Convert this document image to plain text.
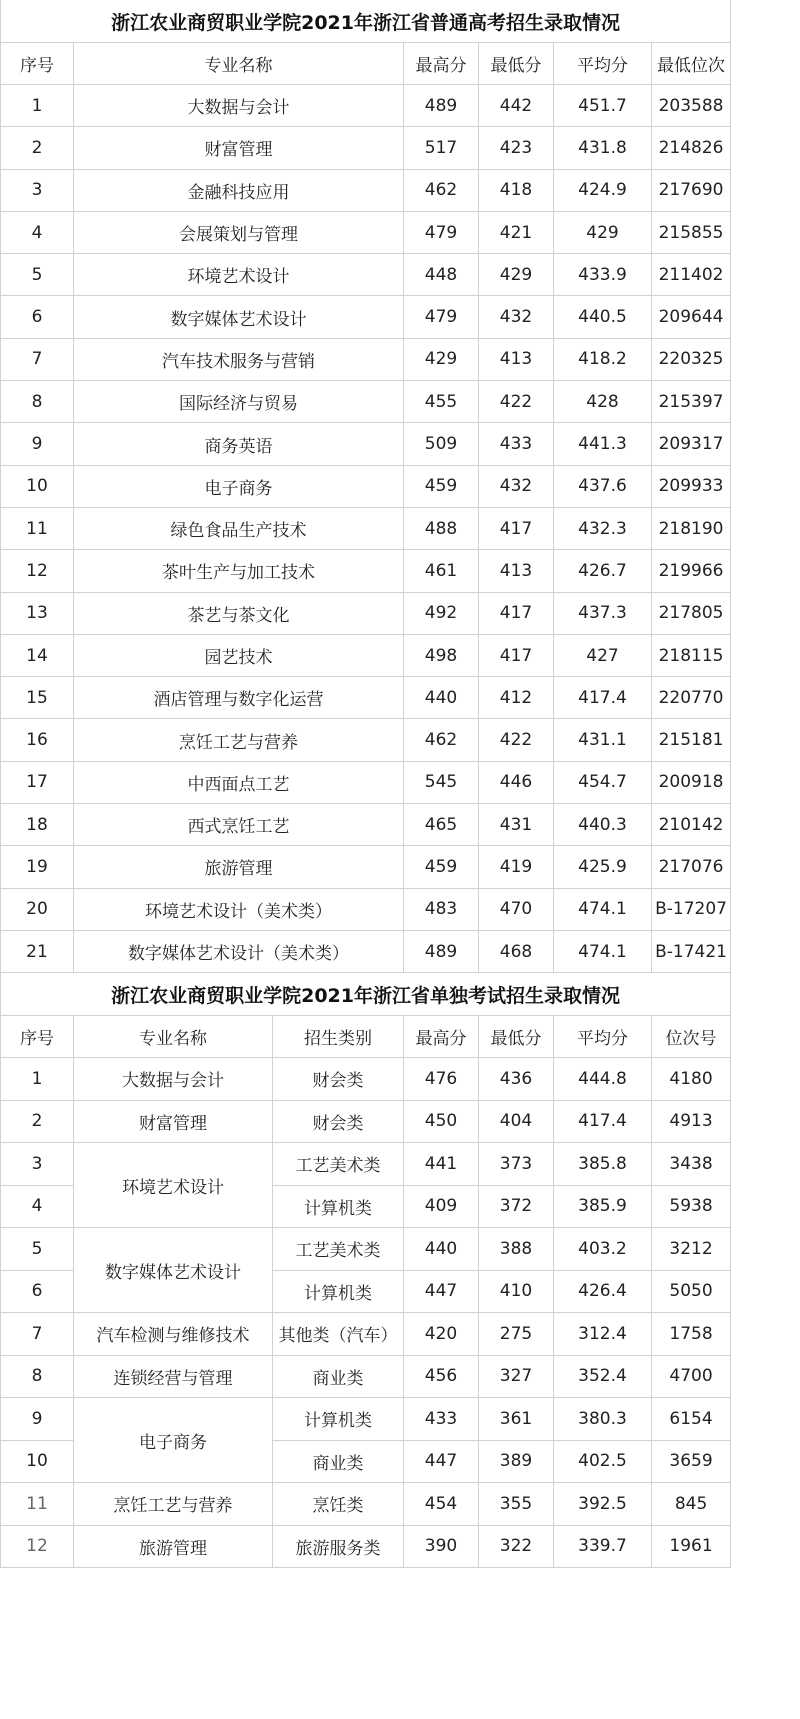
浙江农业商贸职业学院2021年浙江省普通高考招生录取情况					
序号	专业名称	最高分	最低分	平均分	最低位次
1	大数据与会计	489	442	451.7	203588
2	财富管理	517	423	431.8	214826
3	金融科技应用	462	418	424.9	217690
4	会展策划与管理	479	421	429	215855
5	环境艺术设计	448	429	433.9	211402
6	数字媒体艺术设计	479	432	440.5	209644
7	汽车技术服务与营销	429	413	418.2	220325
8	国际经济与贸易	455	422	428	215397
9	商务英语	509	433	441.3	209317
10	电子商务	459	432	437.6	209933
11	绿色食品生产技术	488	417	432.3	218190
12	茶叶生产与加工技术	461	413	426.7	219966
13	茶艺与茶文化	492	417	437.3	217805
14	园艺技术	498	417	427	218115
15	酒店管理与数字化运营	440	412	417.4	220770
16	烹饪工艺与营养	462	422	431.1	215181
17	中西面点工艺	545	446	454.7	200918
18	西式烹饪工艺	465	431	440.3	210142
19	旅游管理	459	419	425.9	217076
20	环境艺术设计（美术类）	483	470	474.1	B-17207
21	数字媒体艺术设计（美术类）	489	468	474.1	B-17421
浙江农业商贸职业学院2021年浙江省单独考试招生录取情况						
序号	专业名称	招生类别	最高分	最低分	平均分	位次号
1	大数据与会计	财会类	476	436	444.8	4180
2	财富管理	财会类	450	404	417.4	4913
3	环境艺术设计	工艺美术类	441	373	385.8	3438
4		计算机类	409	372	385.9	5938
5	数字媒体艺术设计	工艺美术类	440	388	403.2	3212
6		计算机类	447	410	426.4	5050
7	汽车检测与维修技术	其他类（汽车）	420	275	312.4	1758
8	连锁经营与管理	商业类	456	327	352.4	4700
9	电子商务	计算机类	433	361	380.3	6154
10		商业类	447	389	402.5	3659
11	烹饪工艺与营养	烹饪类	454	355	392.5	845
12	旅游管理	旅游服务类	390	322	339.7	1961
